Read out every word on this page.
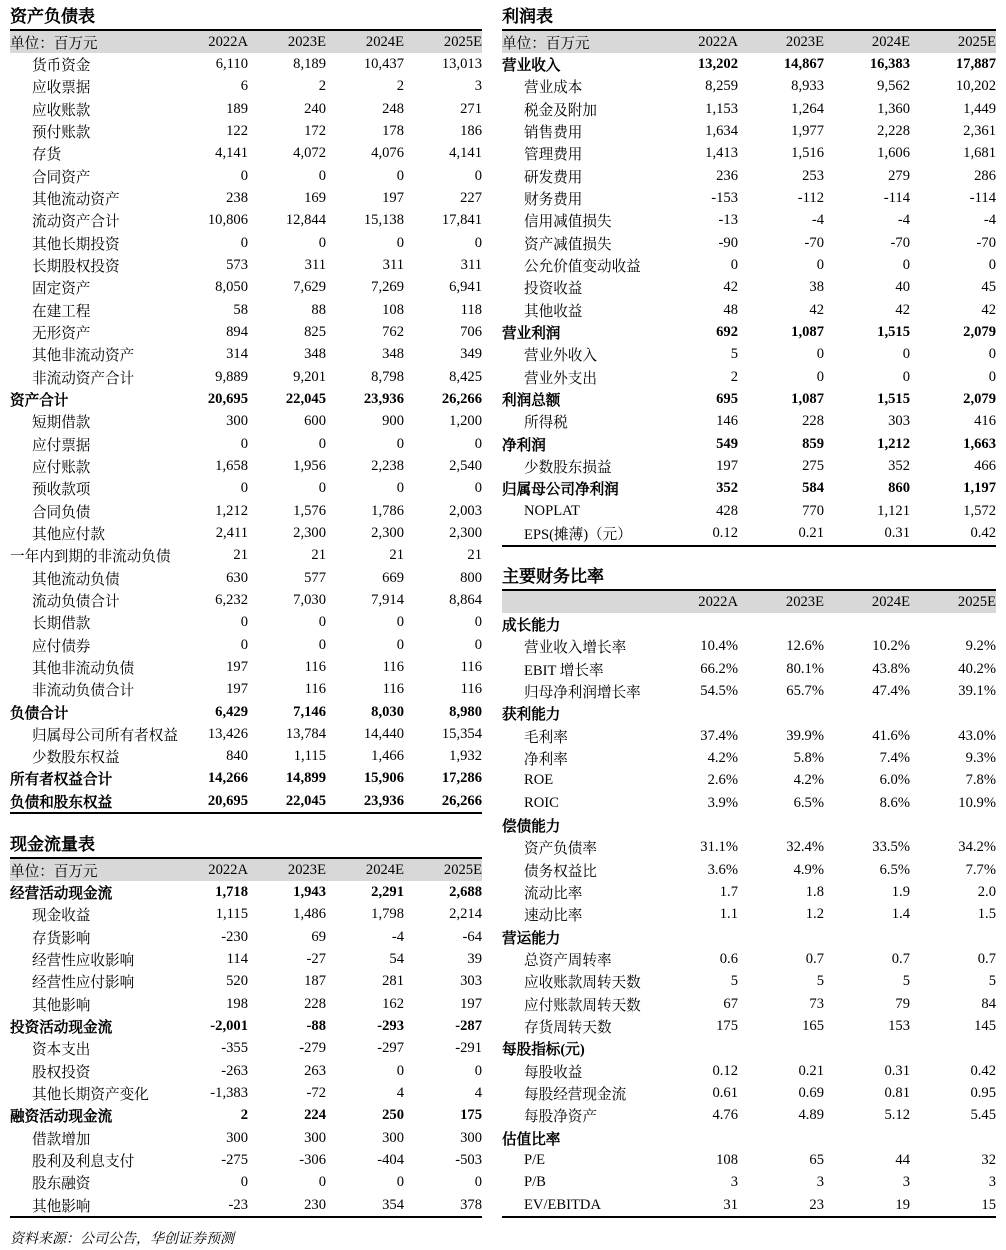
资产负债表
单位：百万元	2022A	2023E	2024E	2025E
货币资金	6,110	8,189	10,437	13,013
应收票据	6	2	2	3
应收账款	189	240	248	271
预付账款	122	172	178	186
存货	4,141	4,072	4,076	4,141
合同资产	0	0	0	0
其他流动资产	238	169	197	227
流动资产合计	10,806	12,844	15,138	17,841
其他长期投资	0	0	0	0
长期股权投资	573	311	311	311
固定资产	8,050	7,629	7,269	6,941
在建工程	58	88	108	118
无形资产	894	825	762	706
其他非流动资产	314	348	348	349
非流动资产合计	9,889	9,201	8,798	8,425
资产合计	20,695	22,045	23,936	26,266
短期借款	300	600	900	1,200
应付票据	0	0	0	0
应付账款	1,658	1,956	2,238	2,540
预收款项	0	0	0	0
合同负债	1,212	1,576	1,786	2,003
其他应付款	2,411	2,300	2,300	2,300
一年内到期的非流动负债	21	21	21	21
其他流动负债	630	577	669	800
流动负债合计	6,232	7,030	7,914	8,864
长期借款	0	0	0	0
应付债券	0	0	0	0
其他非流动负债	197	116	116	116
非流动负债合计	197	116	116	116
负债合计	6,429	7,146	8,030	8,980
归属母公司所有者权益	13,426	13,784	14,440	15,354
少数股东权益	840	1,115	1,466	1,932
所有者权益合计	14,266	14,899	15,906	17,286
负债和股东权益	20,695	22,045	23,936	26,266
利润表
单位：百万元	2022A	2023E	2024E	2025E
营业收入	13,202	14,867	16,383	17,887
营业成本	8,259	8,933	9,562	10,202
税金及附加	1,153	1,264	1,360	1,449
销售费用	1,634	1,977	2,228	2,361
管理费用	1,413	1,516	1,606	1,681
研发费用	236	253	279	286
财务费用	-153	-112	-114	-114
信用减值损失	-13	-4	-4	-4
资产减值损失	-90	-70	-70	-70
公允价值变动收益	0	0	0	0
投资收益	42	38	40	45
其他收益	48	42	42	42
营业利润	692	1,087	1,515	2,079
营业外收入	5	0	0	0
营业外支出	2	0	0	0
利润总额	695	1,087	1,515	2,079
所得税	146	228	303	416
净利润	549	859	1,212	1,663
少数股东损益	197	275	352	466
归属母公司净利润	352	584	860	1,197
NOPLAT	428	770	1,121	1,572
EPS(摊薄)（元）	0.12	0.21	0.31	0.42
主要财务比率
	2022A	2023E	2024E	2025E
成长能力				
营业收入增长率	10.4%	12.6%	10.2%	9.2%
EBIT 增长率	66.2%	80.1%	43.8%	40.2%
归母净利润增长率	54.5%	65.7%	47.4%	39.1%
获利能力				
毛利率	37.4%	39.9%	41.6%	43.0%
净利率	4.2%	5.8%	7.4%	9.3%
ROE	2.6%	4.2%	6.0%	7.8%
ROIC	3.9%	6.5%	8.6%	10.9%
偿债能力				
资产负债率	31.1%	32.4%	33.5%	34.2%
债务权益比	3.6%	4.9%	6.5%	7.7%
流动比率	1.7	1.8	1.9	2.0
速动比率	1.1	1.2	1.4	1.5
营运能力				
总资产周转率	0.6	0.7	0.7	0.7
应收账款周转天数	5	5	5	5
应付账款周转天数	67	73	79	84
存货周转天数	175	165	153	145
每股指标(元)				
每股收益	0.12	0.21	0.31	0.42
每股经营现金流	0.61	0.69	0.81	0.95
每股净资产	4.76	4.89	5.12	5.45
估值比率				
P/E	108	65	44	32
P/B	3	3	3	3
EV/EBITDA	31	23	19	15
现金流量表
单位：百万元	2022A	2023E	2024E	2025E
经营活动现金流	1,718	1,943	2,291	2,688
现金收益	1,115	1,486	1,798	2,214
存货影响	-230	69	-4	-64
经营性应收影响	114	-27	54	39
经营性应付影响	520	187	281	303
其他影响	198	228	162	197
投资活动现金流	-2,001	-88	-293	-287
资本支出	-355	-279	-297	-291
股权投资	-263	263	0	0
其他长期资产变化	-1,383	-72	4	4
融资活动现金流	2	224	250	175
借款增加	300	300	300	300
股利及利息支付	-275	-306	-404	-503
股东融资	0	0	0	0
其他影响	-23	230	354	378
资料来源：公司公告，华创证券预测
